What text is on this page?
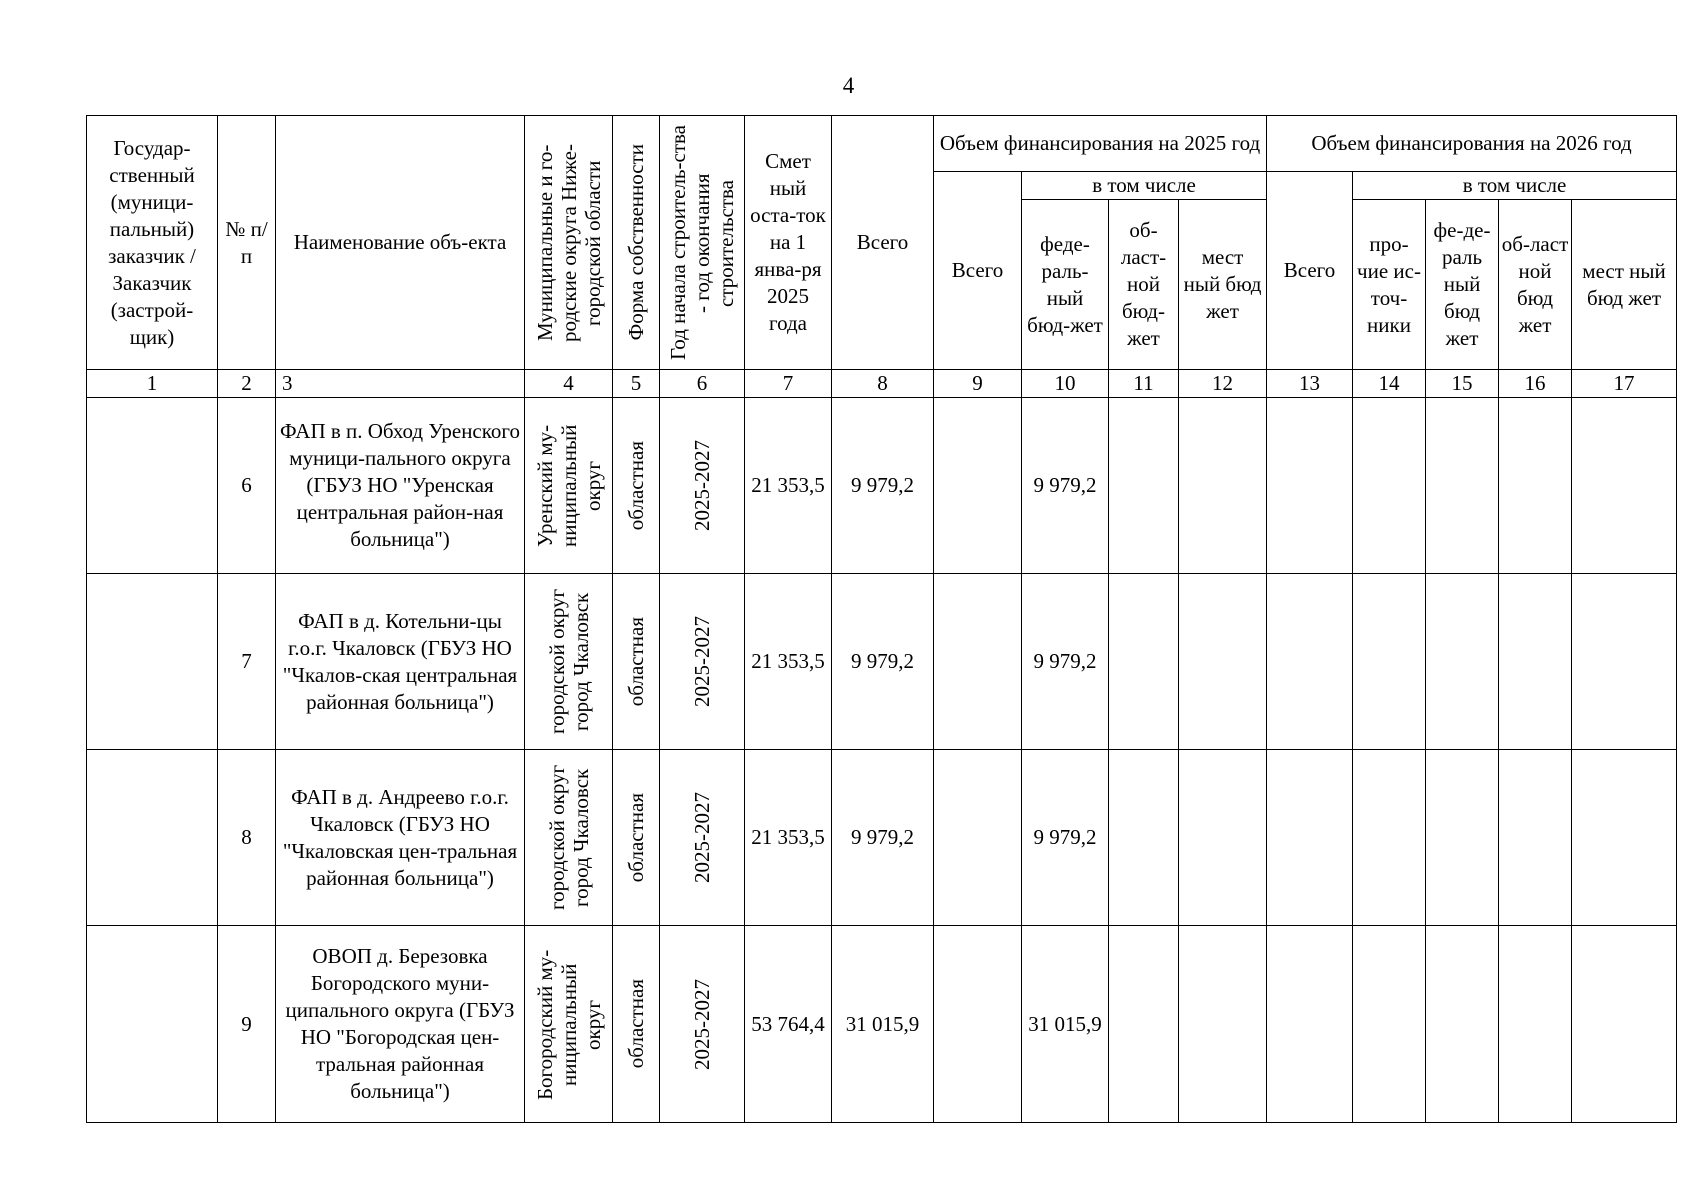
4
Государ-ственный (муници-пальный) заказчик / Заказчик (застрой-щик)	№ п/п	Наименование объ-екта	Муниципальные и го-родские округа Ниже-городской области	Форма собственности	Год начала строитель-ства - год окончания строительства	Смет ный оста-ток на 1 янва-ря 2025 года	Всего	Объем финансирования на 2025 год				Объем финансирования на 2026 год					
								Всего	в том числе			Всего	в том числе				
									феде-раль-ный бюд-жет	об-ласт-ной бюд-жет	мест ный бюд жет		про-чие ис-точ-ники	фе-де-раль ный бюд жет	об-ласт ной бюд жет	мест ный бюд жет	
1	2	3	4	5	6	7	8	9	10	11	12	13	14	15	16	17	
	6	ФАП в п. Обход Уренского муници-пального округа (ГБУЗ НО "Уренская центральная район-ная больница")	Уренский му-ниципальный округ	областная	2025-2027	21 353,5	9 979,2		9 979,2								
	7	ФАП в д. Котельни-цы г.о.г. Чкаловск (ГБУЗ НО "Чкалов-ская центральная районная больница")	городской округ город Чкаловск	областная	2025-2027	21 353,5	9 979,2		9 979,2								
	8	ФАП в д. Андреево г.о.г. Чкаловск (ГБУЗ НО "Чкаловская цен-тральная районная больница")	городской округ город Чкаловск	областная	2025-2027	21 353,5	9 979,2		9 979,2								
	9	ОВОП д. Березовка Богородского муни-ципального округа (ГБУЗ НО "Богородская цен-тральная районная больница")	Богородский му-ниципальный округ	областная	2025-2027	53 764,4	31 015,9		31 015,9								
